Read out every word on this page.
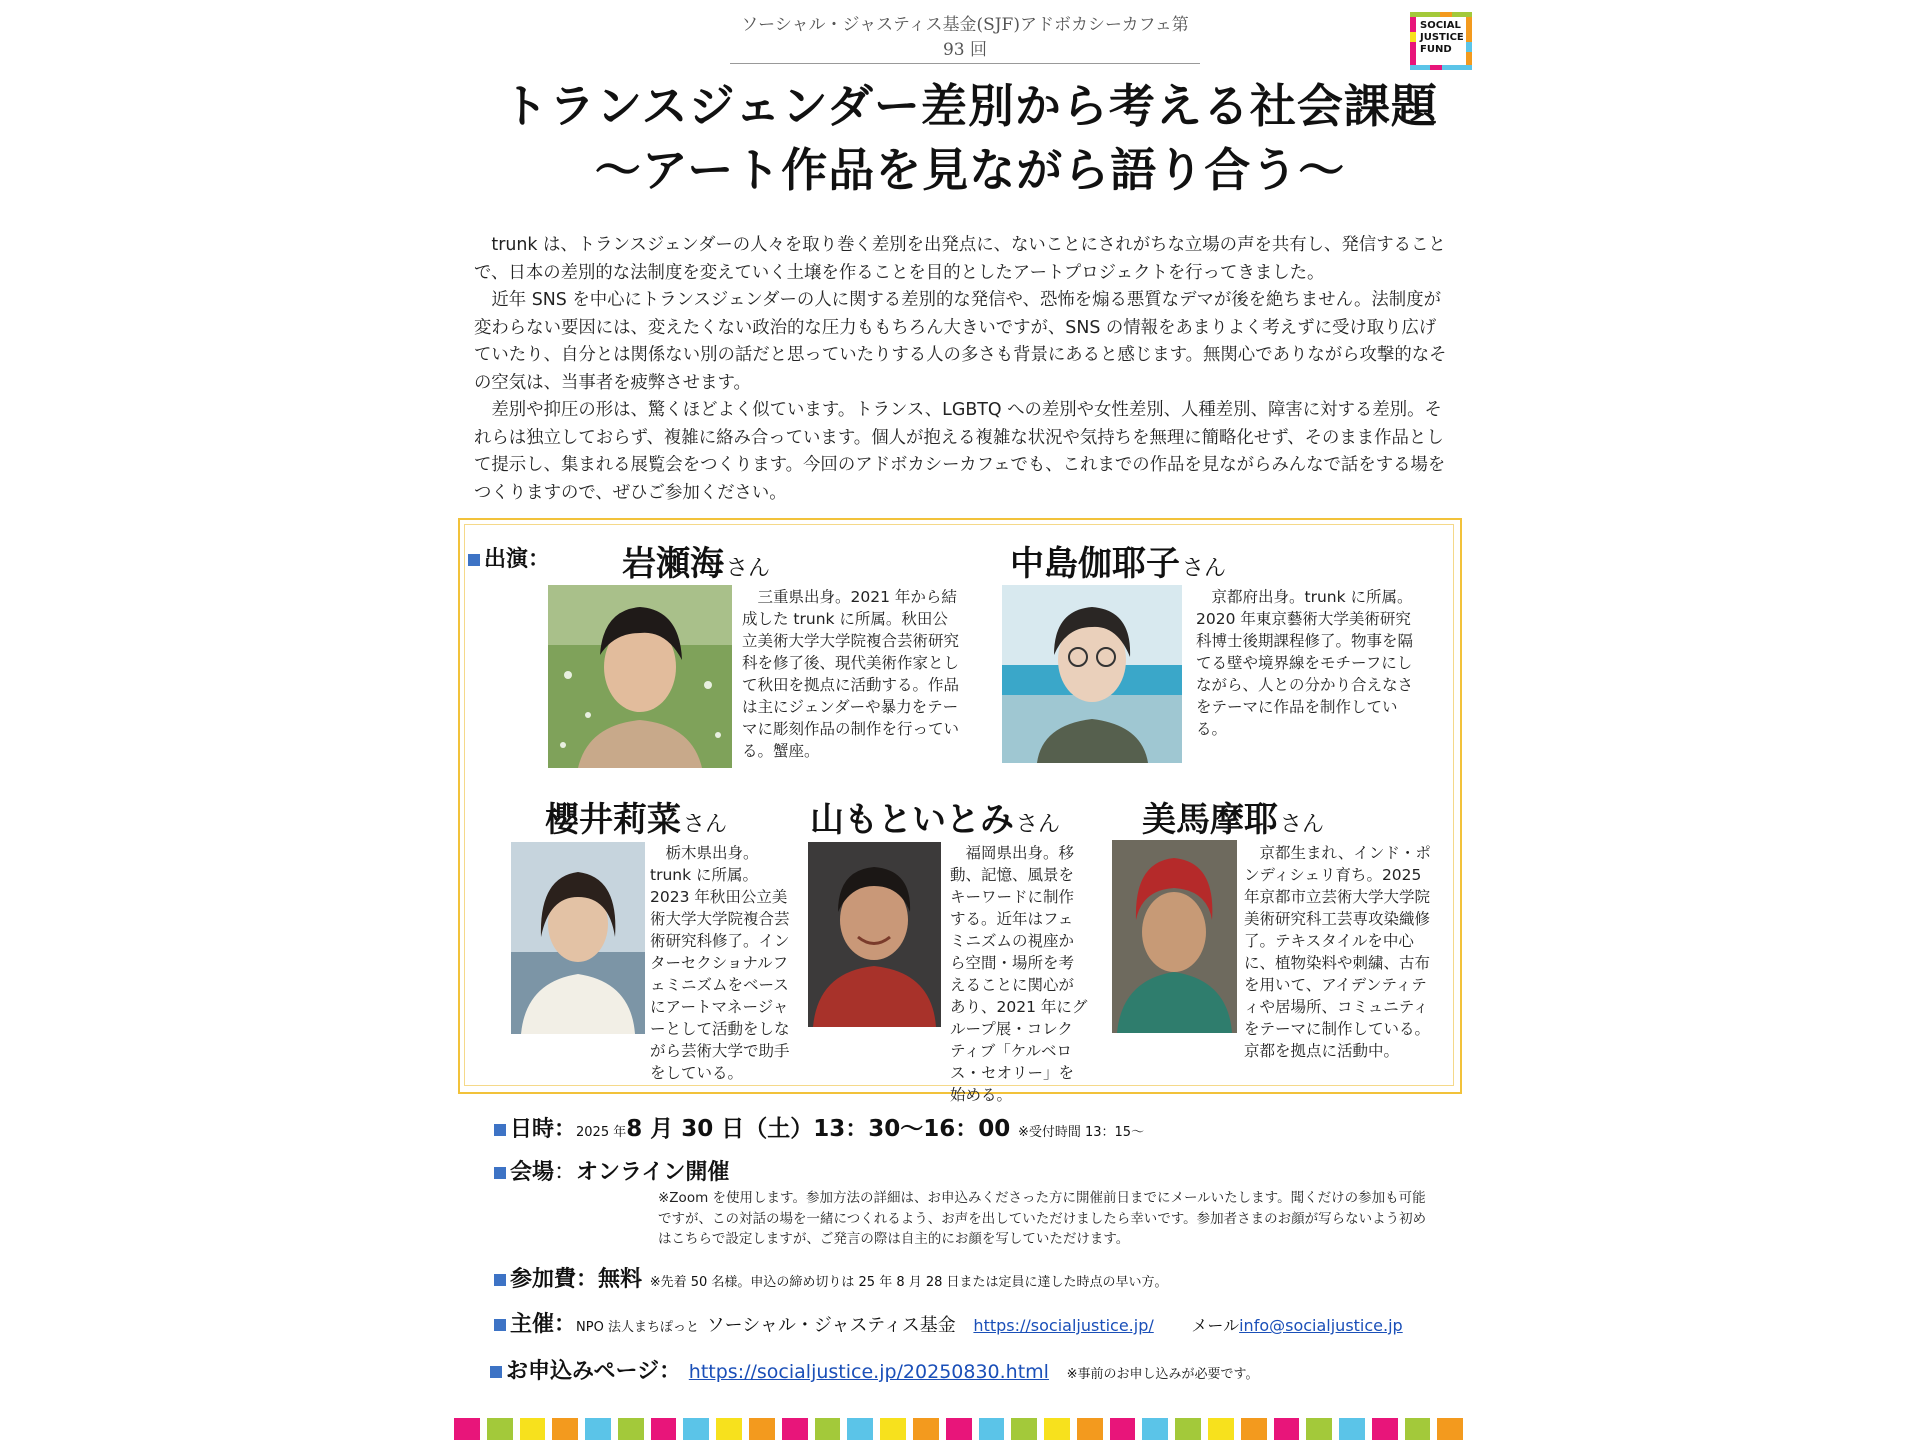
ソーシャル・ジャスティス基金(SJF)アドボカシーカフェ第 93 回
SOCIAL
JUSTICE
FUND
トランスジェンダー差別から考える社会課題
～アート作品を見ながら語り合う～

trunk は、トランスジェンダーの人々を取り巻く差別を出発点に、ないことにされがちな立場の声を共有し、発信することで、日本の差別的な法制度を変えていく土壌を作ることを目的としたアートプロジェクトを行ってきました。

近年 SNS を中心にトランスジェンダーの人に関する差別的な発信や、恐怖を煽る悪質なデマが後を絶ちません。法制度が変わらない要因には、変えたくない政治的な圧力ももちろん大きいですが、SNS の情報をあまりよく考えずに受け取り広げていたり、自分とは関係ない別の話だと思っていたりする人の多さも背景にあると感じます。無関心でありながら攻撃的なその空気は、当事者を疲弊させます。

差別や抑圧の形は、驚くほどよく似ています。トランス、LGBTQ への差別や女性差別、人種差別、障害に対する差別。それらは独立しておらず、複雑に絡み合っています。個人が抱える複雑な状況や気持ちを無理に簡略化せず、そのまま作品として提示し、集まれる展覧会をつくります。今回のアドボカシーカフェでも、これまでの作品を見ながらみんなで話をする場をつくりますので、ぜひご参加ください。

出演： 岩瀬海さん
三重県出身。2021 年から結成した trunk に所属。秋田公立美術大学大学院複合芸術研究科を修了後、現代美術作家として秋田を拠点に活動する。作品は主にジェンダーや暴力をテーマに彫刻作品の制作を行っている。蟹座。
中島伽耶子さん
京都府出身。trunk に所属。2020 年東京藝術大学美術研究科博士後期課程修了。物事を隔てる壁や境界線をモチーフにしながら、人との分かり合えなさをテーマに作品を制作している。
櫻井莉菜さん
栃木県出身。trunk に所属。2023 年秋田公立美術大学大学院複合芸術研究科修了。インターセクショナルフェミニズムをベースにアートマネージャーとして活動をしながら芸術大学で助手をしている。
山もといとみさん
福岡県出身。移動、記憶、風景をキーワードに制作する。近年はフェミニズムの視座から空間・場所を考えることに関心があり、2021 年にグループ展・コレクティブ「ケルベロス・セオリー」を始める。
美馬摩耶さん
京都生まれ、インド・ポンディシェリ育ち。2025 年京都市立芸術大学大学院美術研究科工芸専攻染織修了。テキスタイルを中心に、植物染料や刺繍、古布を用いて、アイデンティティや居場所、コミュニティをテーマに制作している。京都を拠点に活動中。
日時：2025 年8 月 30 日（土）13：30～16：00 ※受付時間 13：15～
会場：オンライン開催
※Zoom を使用します。参加方法の詳細は、お申込みくださった方に開催前日までにメールいたします。聞くだけの参加も可能ですが、この対話の場を一緒につくれるよう、お声を出していただけましたら幸いです。参加者さまのお顔が写らないよう初めはこちらで設定しますが、ご発言の際は自主的にお顔を写していただけます。
参加費：無料 ※先着 50 名様。申込の締め切りは 25 年 8 月 28 日または定員に達した時点の早い方。
主催：NPO 法人まちぽっと ソーシャル・ジャスティス基金 https://socialjustice.jp/ メールinfo@socialjustice.jp
お申込みページ： https://socialjustice.jp/20250830.html ※事前のお申し込みが必要です。
